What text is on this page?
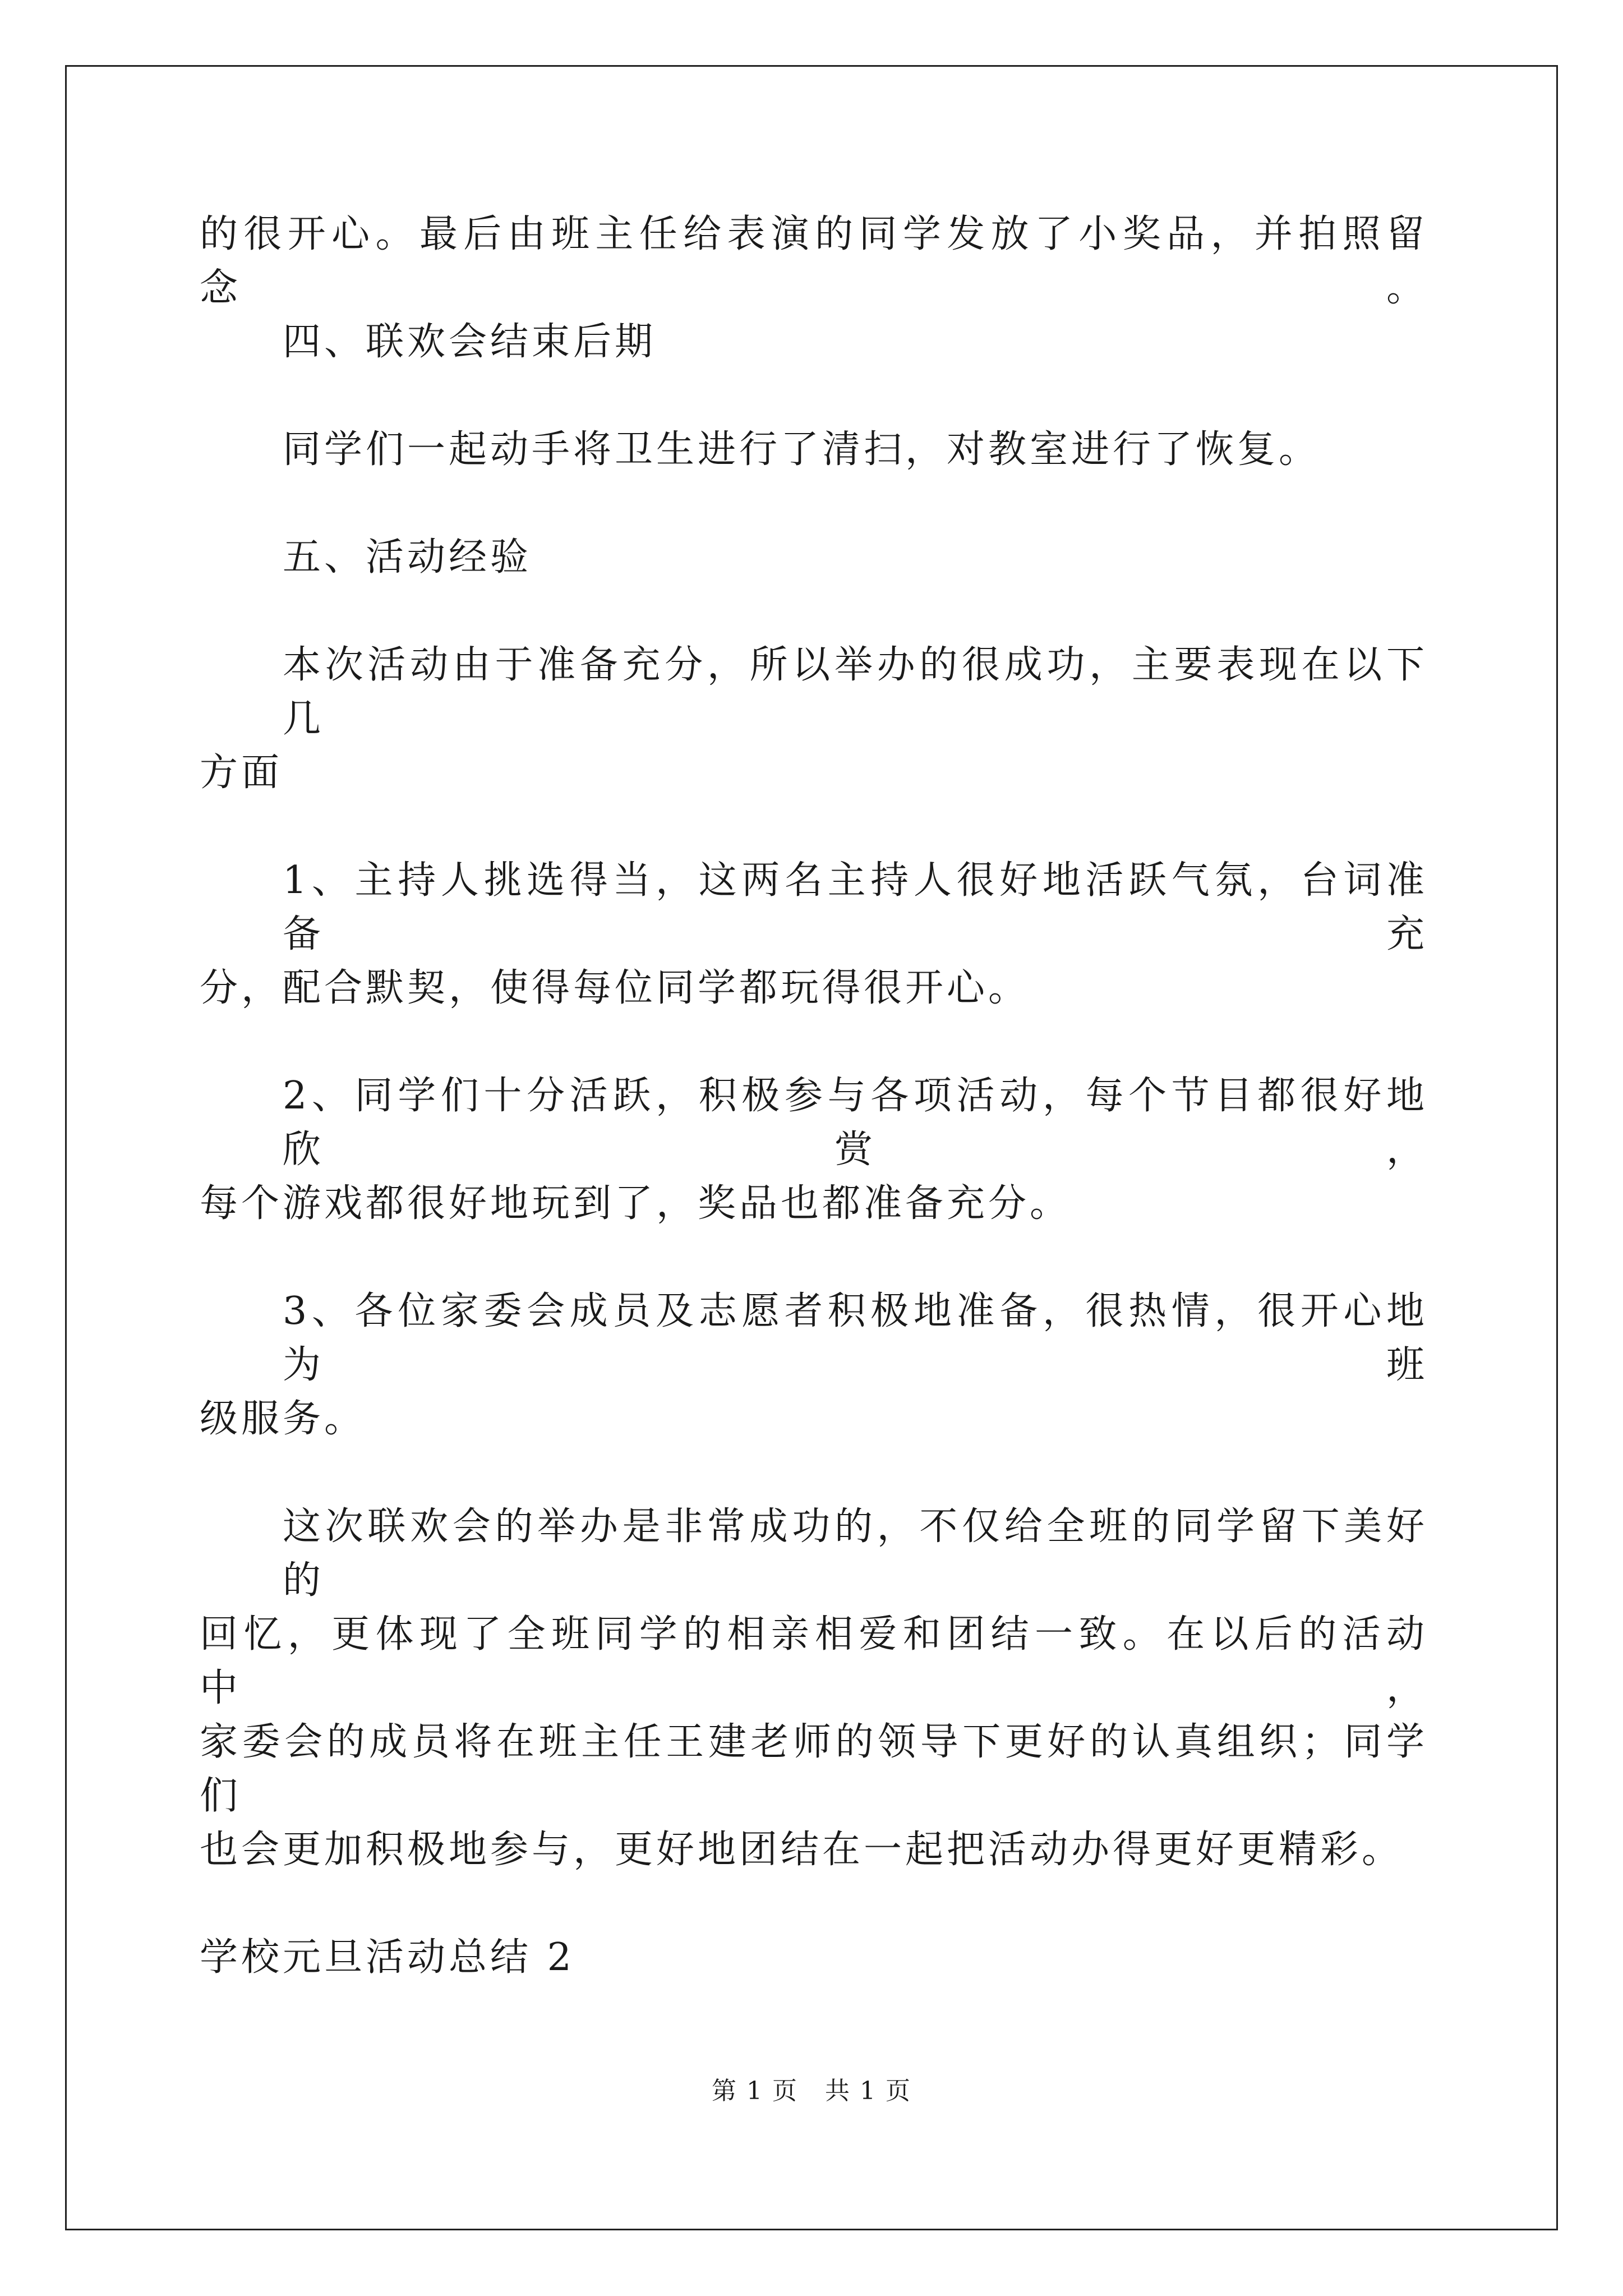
的很开心。最后由班主任给表演的同学发放了小奖品，并拍照留念。
四、联欢会结束后期
同学们一起动手将卫生进行了清扫，对教室进行了恢复。
五、活动经验
本次活动由于准备充分，所以举办的很成功，主要表现在以下几
方面
1、主持人挑选得当，这两名主持人很好地活跃气氛，台词准备充
分，配合默契，使得每位同学都玩得很开心。
2、同学们十分活跃，积极参与各项活动，每个节目都很好地欣赏，
每个游戏都很好地玩到了，奖品也都准备充分。
3、各位家委会成员及志愿者积极地准备，很热情，很开心地为班
级服务。
这次联欢会的举办是非常成功的，不仅给全班的同学留下美好的
回忆，更体现了全班同学的相亲相爱和团结一致。在以后的活动中，
家委会的成员将在班主任王建老师的领导下更好的认真组织；同学们
也会更加积极地参与，更好地团结在一起把活动办得更好更精彩。
学校元旦活动总结 2
第 1 页 共 1 页
